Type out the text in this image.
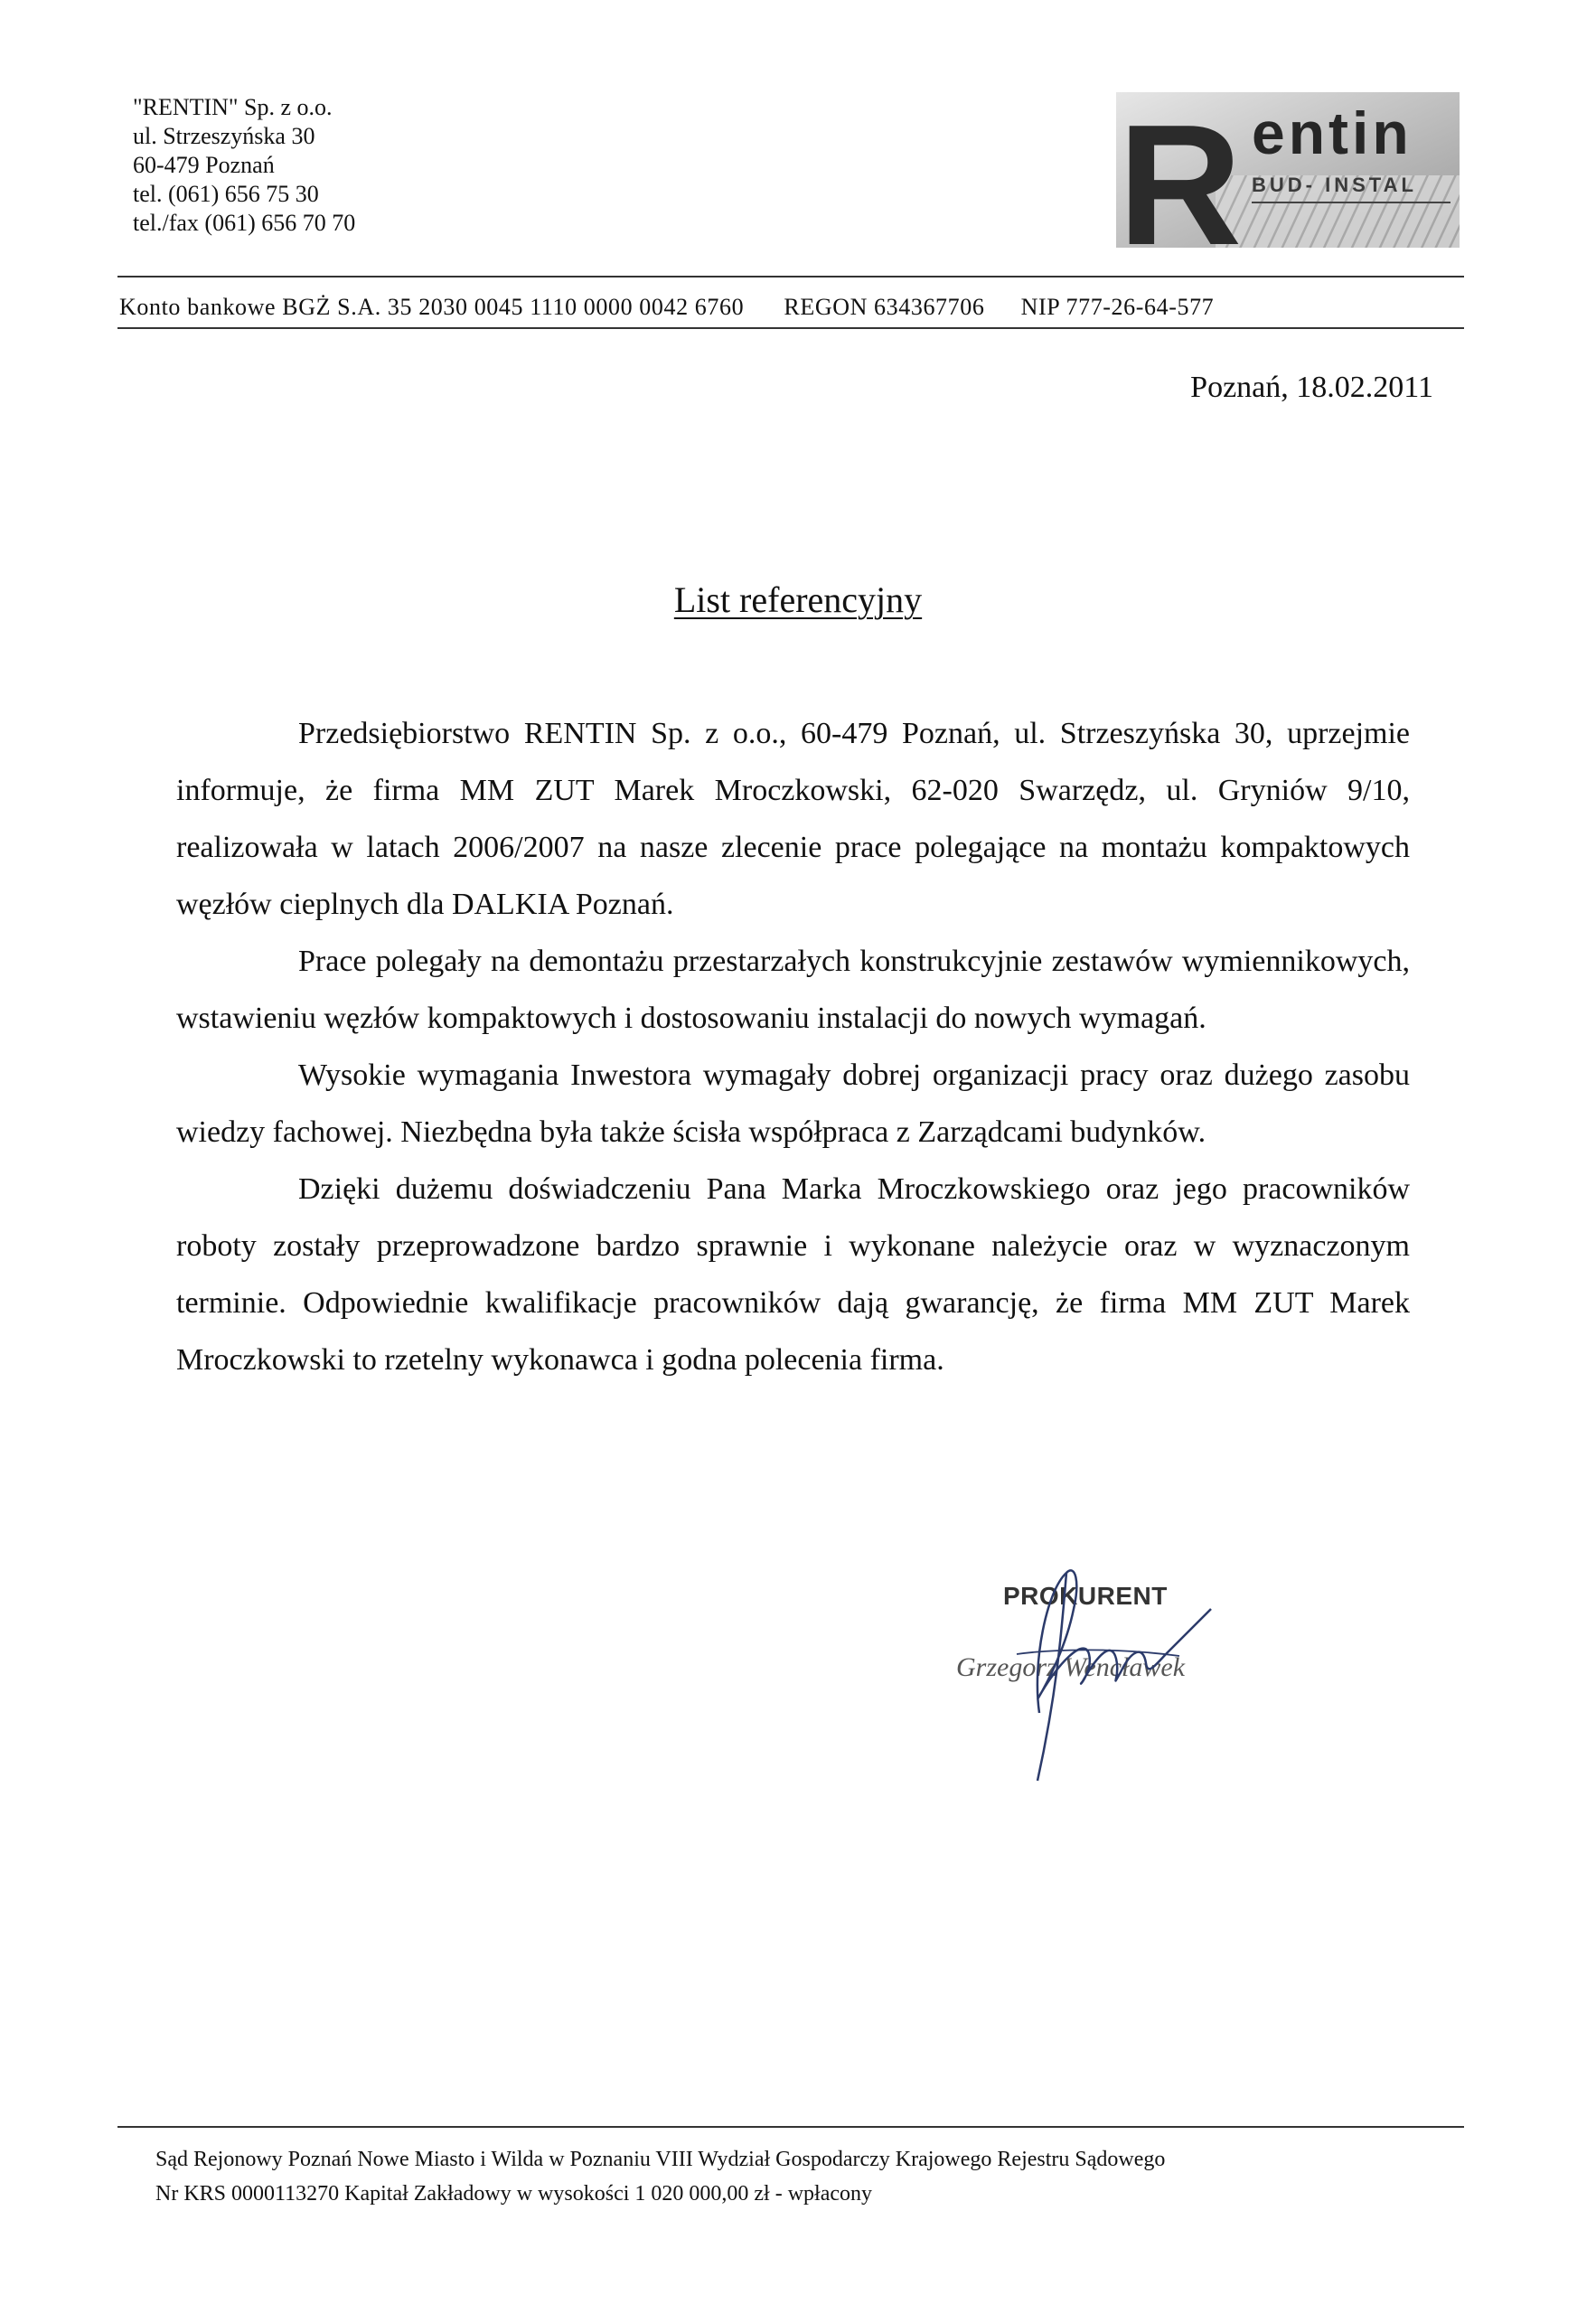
"RENTIN" Sp. z o.o.
ul. Strzeszyńska 30
60-479 Poznań
tel. (061) 656 75 30
tel./fax (061) 656 70 70	R entin
BUD- INSTAL
Konto bankowe BGŻ S.A. 35 2030 0045 1110 0000 0042 6760 REGON 634367706 NIP 777-26-64-577
Poznań, 18.02.2011
List referencyjny

Przedsiębiorstwo RENTIN Sp. z o.o., 60-479 Poznań, ul. Strzeszyńska 30, uprzejmie informuje, że firma MM ZUT Marek Mroczkowski, 62-020 Swarzędz, ul. Gryniów 9/10, realizowała w latach 2006/2007 na nasze zlecenie prace polegające na montażu kompaktowych węzłów cieplnych dla DALKIA Poznań.

Prace polegały na demontażu przestarzałych konstrukcyjnie zestawów wymiennikowych, wstawieniu węzłów kompaktowych i dostosowaniu instalacji do nowych wymagań.

Wysokie wymagania Inwestora wymagały dobrej organizacji pracy oraz dużego zasobu wiedzy fachowej. Niezbędna była także ścisła współpraca z Zarządcami budynków.

Dzięki dużemu doświadczeniu Pana Marka Mroczkowskiego oraz jego pracowników roboty zostały przeprowadzone bardzo sprawnie i wykonane należycie oraz w wyznaczonym terminie. Odpowiednie kwalifikacje pracowników dają gwarancję, że firma MM ZUT Marek Mroczkowski to rzetelny wykonawca i godna polecenia firma.

PROKURENT
Grzegorz Wencławek
Sąd Rejonowy Poznań Nowe Miasto i Wilda w Poznaniu VIII Wydział Gospodarczy Krajowego Rejestru Sądowego
Nr KRS 0000113270 Kapitał Zakładowy w wysokości 1 020 000,00 zł - wpłacony
